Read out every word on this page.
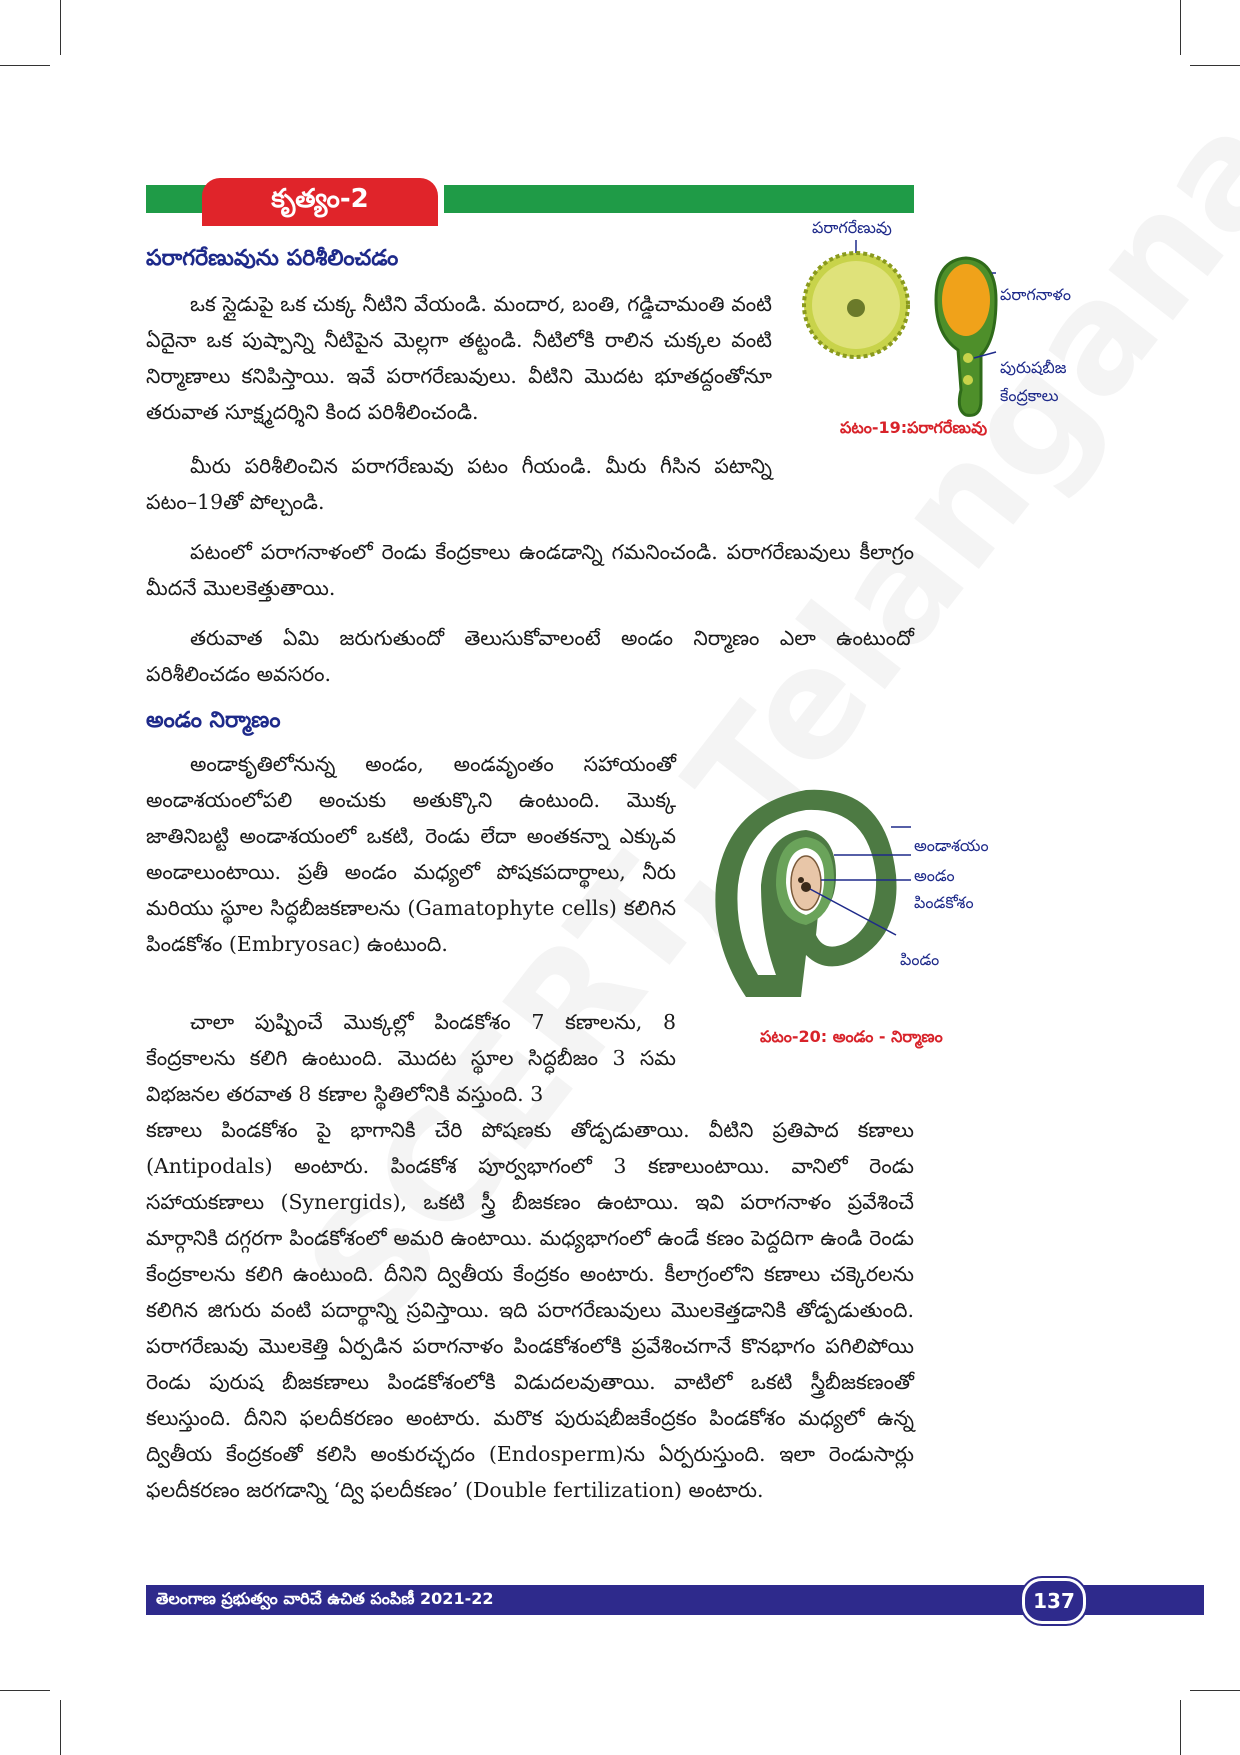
కృత్యం-2
పరాగరేణువును పరిశీలించడం

ఒక స్లైడుపై ఒక చుక్క నీటిని వేయండి. మందార, బంతి, గడ్డిచామంతి వంటి ఏదైనా ఒక పుష్పాన్ని నీటిపైన మెల్లగా తట్టండి. నీటిలోకి రాలిన చుక్కల వంటి నిర్మాణాలు కనిపిస్తాయి. ఇవే పరాగరేణువులు. వీటిని మొదట భూతద్దంతోనూ తరువాత సూక్ష్మదర్శిని కింద పరిశీలించండి.

మీరు పరిశీలించిన పరాగరేణువు పటం గీయండి. మీరు గీసిన పటాన్ని పటం–19తో పోల్చండి.

పటంలో పరాగనాళంలో రెండు కేంద్రకాలు ఉండడాన్ని గమనించండి. పరాగరేణువులు కీలాగ్రం మీదనే మొలకెత్తుతాయి.

తరువాత ఏమి జరుగుతుందో తెలుసుకోవాలంటే అండం నిర్మాణం ఎలా ఉంటుందో పరిశీలించడం అవసరం.

పరాగరేణువు
పరాగనాళం
పురుషబీజ
కేంద్రకాలు
పటం-19:పరాగరేణువు
అండం నిర్మాణం

అండాకృతిలోనున్న అండం, అండవృంతం సహాయంతో అండాశయంలోపలి అంచుకు అతుక్కొని ఉంటుంది. మొక్క జాతినిబట్టి అండాశయంలో ఒకటి, రెండు లేదా అంతకన్నా ఎక్కువ అండాలుంటాయి. ప్రతీ అండం మధ్యలో పోషకపదార్థాలు, నీరు మరియు స్థూల సిద్ధబీజకణాలను (Gamatophyte cells) కలిగిన పిండకోశం (Embryosac) ఉంటుంది.

చాలా పుష్పించే మొక్కల్లో పిండకోశం 7 కణాలను, 8 కేంద్రకాలను కలిగి ఉంటుంది. మొదట స్థూల సిద్ధబీజం 3 సమ విభజనల తరవాత 8 కణాల స్థితిలోనికి వస్తుంది. 3

కణాలు పిండకోశం పై భాగానికి చేరి పోషణకు తోడ్పడుతాయి. వీటిని ప్రతిపాద కణాలు (Antipodals) అంటారు. పిండకోశ పూర్వభాగంలో 3 కణాలుంటాయి. వానిలో రెండు సహాయకణాలు (Synergids), ఒకటి స్త్రీ బీజకణం ఉంటాయి. ఇవి పరాగనాళం ప్రవేశించే మార్గానికి దగ్గరగా పిండకోశంలో అమరి ఉంటాయి. మధ్యభాగంలో ఉండే కణం పెద్దదిగా ఉండి రెండు కేంద్రకాలను కలిగి ఉంటుంది. దీనిని ద్వితీయ కేంద్రకం అంటారు. కీలాగ్రంలోని కణాలు చక్కెరలను కలిగిన జిగురు వంటి పదార్థాన్ని స్రవిస్తాయి. ఇది పరాగరేణువులు మొలకెత్తడానికి తోడ్పడుతుంది. పరాగరేణువు మొలకెత్తి ఏర్పడిన పరాగనాళం పిండకోశంలోకి ప్రవేశించగానే కొనభాగం పగిలిపోయి రెండు పురుష బీజకణాలు పిండకోశంలోకి విడుదలవుతాయి. వాటిలో ఒకటి స్త్రీబీజకణంతో కలుస్తుంది. దీనిని ఫలదీకరణం అంటారు. మరొక పురుషబీజకేంద్రకం పిండకోశం మధ్యలో ఉన్న ద్వితీయ కేంద్రకంతో కలిసి అంకురచ్ఛదం (Endosperm)ను ఏర్పరుస్తుంది. ఇలా రెండుసార్లు ఫలదీకరణం జరగడాన్ని ‘ద్వి ఫలదీకణం’ (Double fertilization) అంటారు.

అండాశయం
అండం
పిండకోశం
పిండం
పటం-20: అండం - నిర్మాణం
తెలంగాణ ప్రభుత్వం వారిచే ఉచిత పంపిణీ 2021-22	137
